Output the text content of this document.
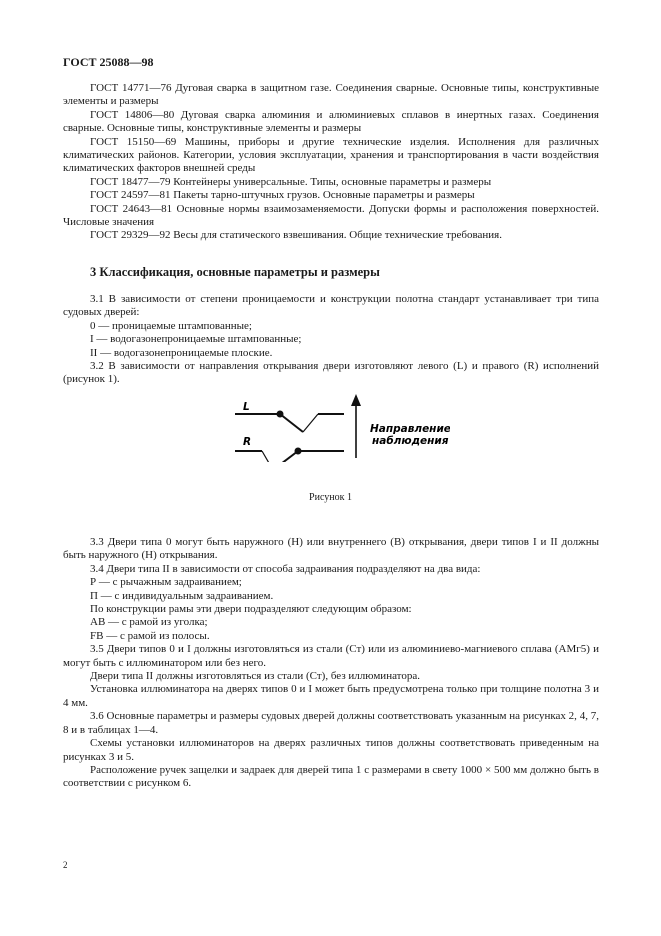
ГОСТ 25088—98

ГОСТ 14771—76 Дуговая сварка в защитном газе. Соединения сварные. Основные типы, конструктивные элементы и размеры

ГОСТ 14806—80 Дуговая сварка алюминия и алюминиевых сплавов в инертных газах. Соединения сварные. Основные типы, конструктивные элементы и размеры

ГОСТ 15150—69 Машины, приборы и другие технические изделия. Исполнения для различных климатических районов. Категории, условия эксплуатации, хранения и транспортирования в части воздействия климатических факторов внешней среды

ГОСТ 18477—79 Контейнеры универсальные. Типы, основные параметры и размеры

ГОСТ 24597—81 Пакеты тарно-штучных грузов. Основные параметры и размеры

ГОСТ 24643—81 Основные нормы взаимозаменяемости. Допуски формы и расположения поверхностей. Числовые значения

ГОСТ 29329—92 Весы для статического взвешивания. Общие технические требования.

3 Классификация, основные параметры и размеры

3.1 В зависимости от степени проницаемости и конструкции полотна стандарт устанавливает три типа судовых дверей:

0 — проницаемые штампованные;

I — водогазонепроницаемые штампованные;

II — водогазонепроницаемые плоские.

3.2 В зависимости от направления открывания двери изготовляют левого (L) и правого (R) исполнений (рисунок 1).

L
R
Направление
наблюдения
Рисунок 1

3.3 Двери типа 0 могут быть наружного (Н) или внутреннего (В) открывания, двери типов I и II должны быть наружного (Н) открывания.

3.4 Двери типа II в зависимости от способа задраивания подразделяют на два вида:

Р — с рычажным задраиванием;

П — с индивидуальным задраиванием.

По конструкции рамы эти двери подразделяют следующим образом:

АВ — с рамой из уголка;

FB — с рамой из полосы.

3.5 Двери типов 0 и I должны изготовляться из стали (Ст) или из алюминиево-магниевого сплава (АМг5) и могут быть с иллюминатором или без него.

Двери типа II должны изготовляться из стали (Ст), без иллюминатора.

Установка иллюминатора на дверях типов 0 и I может быть предусмотрена только при толщине полотна 3 и 4 мм.

3.6 Основные параметры и размеры судовых дверей должны соответствовать указанным на рисунках 2, 4, 7, 8 и в таблицах 1—4.

Схемы установки иллюминаторов на дверях различных типов должны соответствовать приведенным на рисунках 3 и 5.

Расположение ручек защелки и задраек для дверей типа 1 с размерами в свету 1000 × 500 мм должно быть в соответствии с рисунком 6.

2
